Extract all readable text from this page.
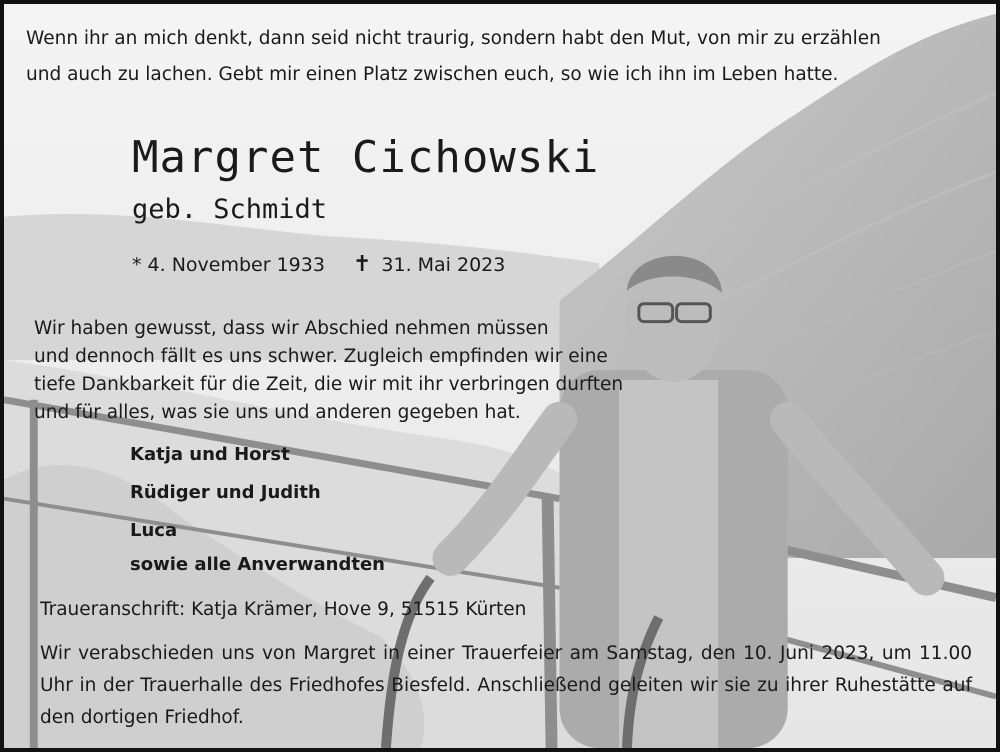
Wenn ihr an mich denkt, dann seid nicht traurig, sondern habt den Mut, von mir zu erzählen
und auch zu lachen. Gebt mir einen Platz zwischen euch, so wie ich ihn im Leben hatte.
Margret Cichowski
geb. Schmidt
* 4. November 1933 ✝ 31. Mai 2023
Wir haben gewusst, dass wir Abschied nehmen müssen
und dennoch fällt es uns schwer. Zugleich empfinden wir eine
tiefe Dankbarkeit für die Zeit, die wir mit ihr verbringen durften
und für alles, was sie uns und anderen gegeben hat.
Katja und Horst
Rüdiger und Judith
Luca
sowie alle Anverwandten
Traueranschrift: Katja Krämer, Hove 9, 51515 Kürten
Wir verabschieden uns von Margret in einer Trauerfeier am Samstag, den 10. Juni 2023, um 11.00 Uhr in der Trauerhalle des Friedhofes Biesfeld. Anschließend geleiten wir sie zu ihrer Ruhestätte auf den dortigen Friedhof.
